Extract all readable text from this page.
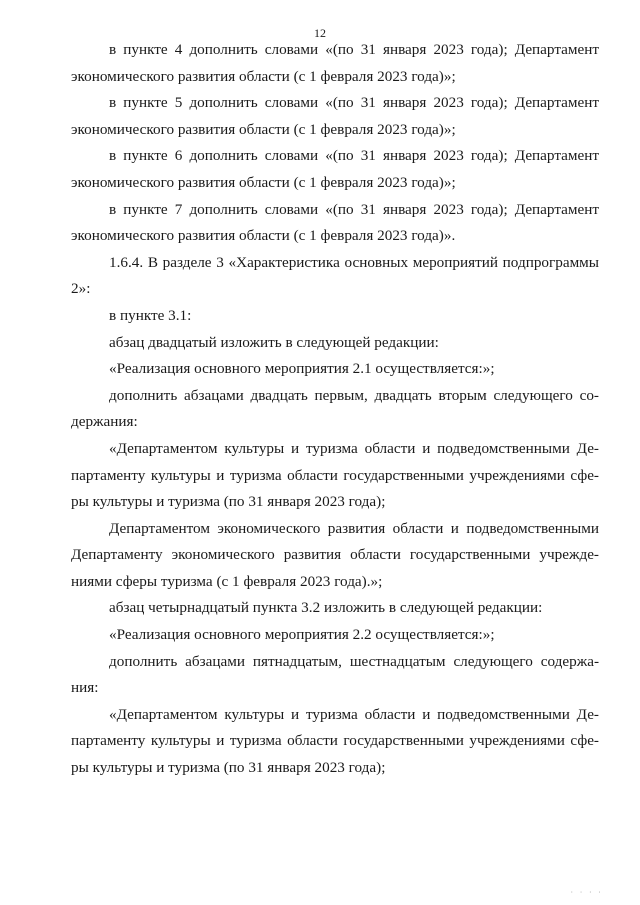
12
в пункте 4 дополнить словами «(по 31 января 2023 года); Департамент
экономического развития области (с 1 февраля 2023 года)»;
в пункте 5 дополнить словами «(по 31 января 2023 года); Департамент
экономического развития области (с 1 февраля 2023 года)»;
в пункте 6 дополнить словами «(по 31 января 2023 года); Департамент
экономического развития области (с 1 февраля 2023 года)»;
в пункте 7 дополнить словами «(по 31 января 2023 года); Департамент
экономического развития области (с 1 февраля 2023 года)».
1.6.4. В разделе 3 «Характеристика основных мероприятий подпрограммы
2»:
в пункте 3.1:
абзац двадцатый изложить в следующей редакции:
«Реализация основного мероприятия 2.1 осуществляется:»;
дополнить абзацами двадцать первым, двадцать вторым следующего со-
держания:
«Департаментом культуры и туризма области и подведомственными Де-
партаменту культуры и туризма области государственными учреждениями сфе-
ры культуры и туризма (по 31 января 2023 года);
Департаментом экономического развития области и подведомственными
Департаменту экономического развития области государственными учрежде-
ниями сферы туризма (с 1 февраля 2023 года).»;
абзац четырнадцатый пункта 3.2 изложить в следующей редакции:
«Реализация основного мероприятия 2.2 осуществляется:»;
дополнить абзацами пятнадцатым, шестнадцатым следующего содержа-
ния:
«Департаментом культуры и туризма области и подведомственными Де-
партаменту культуры и туризма области государственными учреждениями сфе-
ры культуры и туризма (по 31 января 2023 года);
· · · ·
